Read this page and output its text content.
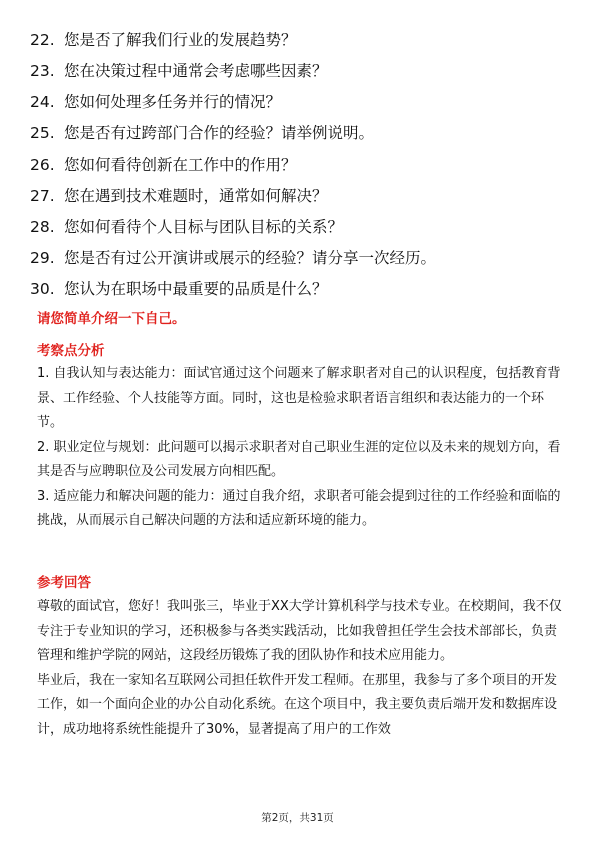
22. 您是否了解我们行业的发展趋势？
23. 您在决策过程中通常会考虑哪些因素？
24. 您如何处理多任务并行的情况？
25. 您是否有过跨部门合作的经验？请举例说明。
26. 您如何看待创新在工作中的作用？
27. 您在遇到技术难题时，通常如何解决？
28. 您如何看待个人目标与团队目标的关系？
29. 您是否有过公开演讲或展示的经验？请分享一次经历。
30. 您认为在职场中最重要的品质是什么？
请您简单介绍一下自己。
考察点分析

1. 自我认知与表达能力：面试官通过这个问题来了解求职者对自己的认识程度，包括教育背景、工作经验、个人技能等方面。同时，这也是检验求职者语言组织和表达能力的一个环节。

2. 职业定位与规划：此问题可以揭示求职者对自己职业生涯的定位以及未来的规划方向，看其是否与应聘职位及公司发展方向相匹配。

3. 适应能力和解决问题的能力：通过自我介绍，求职者可能会提到过往的工作经验和面临的挑战，从而展示自己解决问题的方法和适应新环境的能力。

参考回答

尊敬的面试官，您好！我叫张三，毕业于XX大学计算机科学与技术专业。在校期间，我不仅专注于专业知识的学习，还积极参与各类实践活动，比如我曾担任学生会技术部部长，负责管理和维护学院的网站，这段经历锻炼了我的团队协作和技术应用能力。

毕业后，我在一家知名互联网公司担任软件开发工程师。在那里，我参与了多个项目的开发工作，如一个面向企业的办公自动化系统。在这个项目中，我主要负责后端开发和数据库设计，成功地将系统性能提升了30%，显著提高了用户的工作效

第2页，共31页
